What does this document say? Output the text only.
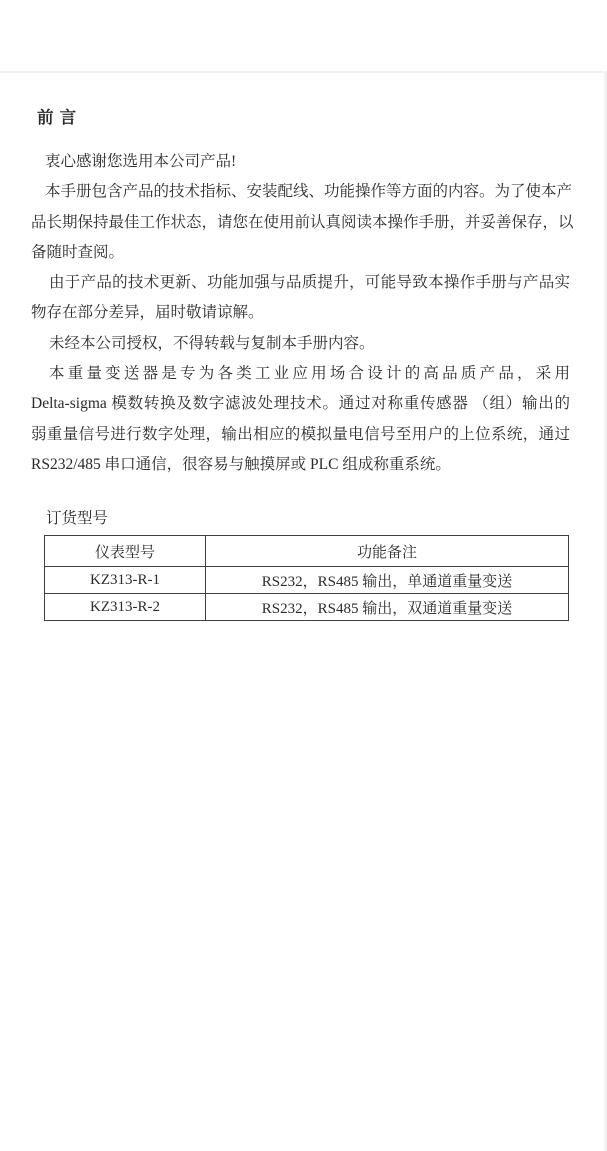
前 言
衷心感谢您选用本公司产品!
本手册包含产品的技术指标、安装配线、功能操作等方面的内容。为了使本产
品长期保持最佳工作状态，请您在使用前认真阅读本操作手册，并妥善保存，以
备随时查阅。
由于产品的技术更新、功能加强与品质提升，可能导致本操作手册与产品实
物存在部分差异，届时敬请谅解。
未经本公司授权，不得转载与复制本手册内容。
本重量变送器是专为各类工业应用场合设计的高品质产品，采用
Delta-sigma 模数转换及数字滤波处理技术。通过对称重传感器 （组）输出的
弱重量信号进行数字处理，输出相应的模拟量电信号至用户的上位系统，通过
RS232/485 串口通信，很容易与触摸屏或 PLC 组成称重系统。
订货型号
仪表型号	功能备注
KZ313-R-1	RS232，RS485 输出，单通道重量变送
KZ313-R-2	RS232，RS485 输出，双通道重量变送
